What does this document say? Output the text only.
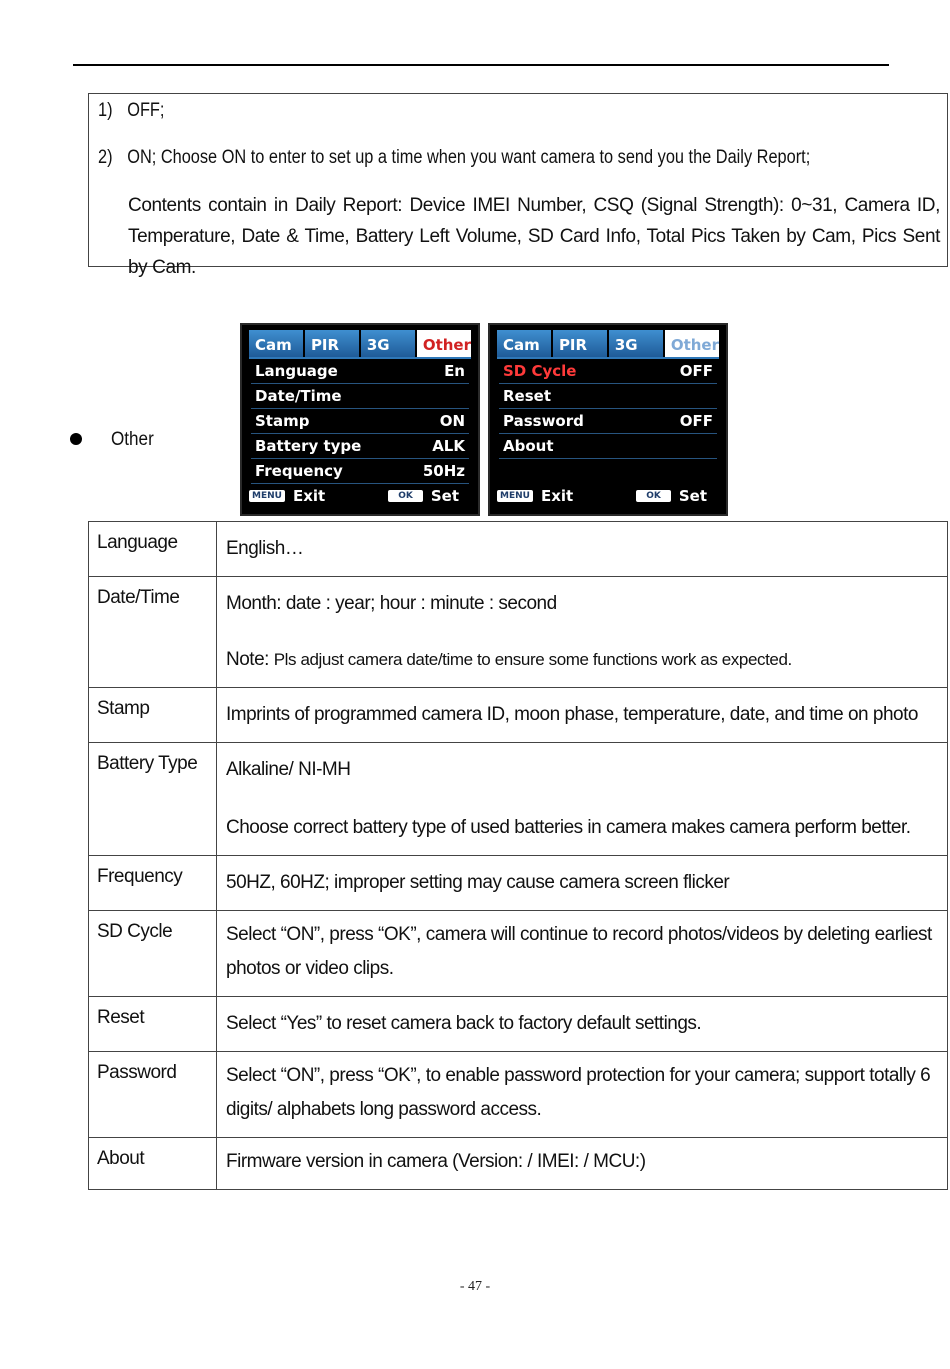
1) OFF;
2) ON; Choose ON to enter to set up a time when you want camera to send you the Daily Report;
Contents contain in Daily Report: Device IMEI Number, CSQ (Signal Strength): 0~31, Camera ID, Temperature, Date & Time, Battery Left Volume, SD Card Info, Total Pics Taken by Cam, Pics Sent by Cam.
Other
Cam	PIR	3G	Other
Language	En
Date/Time
Stamp	ON
Battery type	ALK
Frequency	50Hz
MENU Exit	OK	Set
Cam	PIR	3G	Other
SD Cycle	OFF
Reset
Password	OFF
About
MENU Exit	OK	Set
Language	English…

Date/Time	Month: date : year; hour : minute : second

Note: Pls adjust camera date/time to ensure some functions work as expected.

Stamp	Imprints of programmed camera ID, moon phase, temperature, date, and time on photo

Battery Type	Alkaline/ NI-MH

Choose correct battery type of used batteries in camera makes camera perform better.

Frequency	50HZ, 60HZ; improper setting may cause camera screen flicker

SD Cycle	Select “ON”, press “OK”, camera will continue to record photos/videos by deleting earliest photos or video clips.

Reset	Select “Yes” to reset camera back to factory default settings.

Password	Select “ON”, press “OK”, to enable password protection for your camera; support totally 6 digits/ alphabets long password access.

About	Firmware version in camera (Version: / IMEI: / MCU:)

- 47 -
